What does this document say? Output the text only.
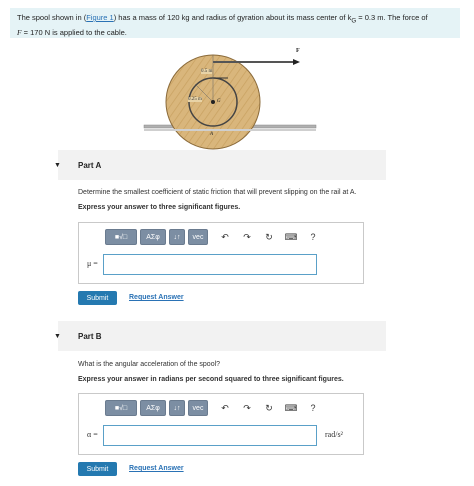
The spool shown in (Figure 1) has a mass of 120 kg and radius of gyration about its mass center of $k_G = 0.3$ m. The force of
F = 170 N is applied to the cable.
0.5 m
0.25 m	G
A
F
▼ Part A
Determine the smallest coefficient of static friction that will prevent slipping on the rail at A.
Express your answer to three significant figures.
■√□	ΑΣφ	↓↑	vec	↶	↷	↻	⌨	?
μ =
Submit	Request Answer
▼ Part B
What is the angular acceleration of the spool?
Express your answer in radians per second squared to three significant figures.
■√□	ΑΣφ	↓↑	vec	↶	↷	↻	⌨	?
α =	rad/s²
Submit	Request Answer
